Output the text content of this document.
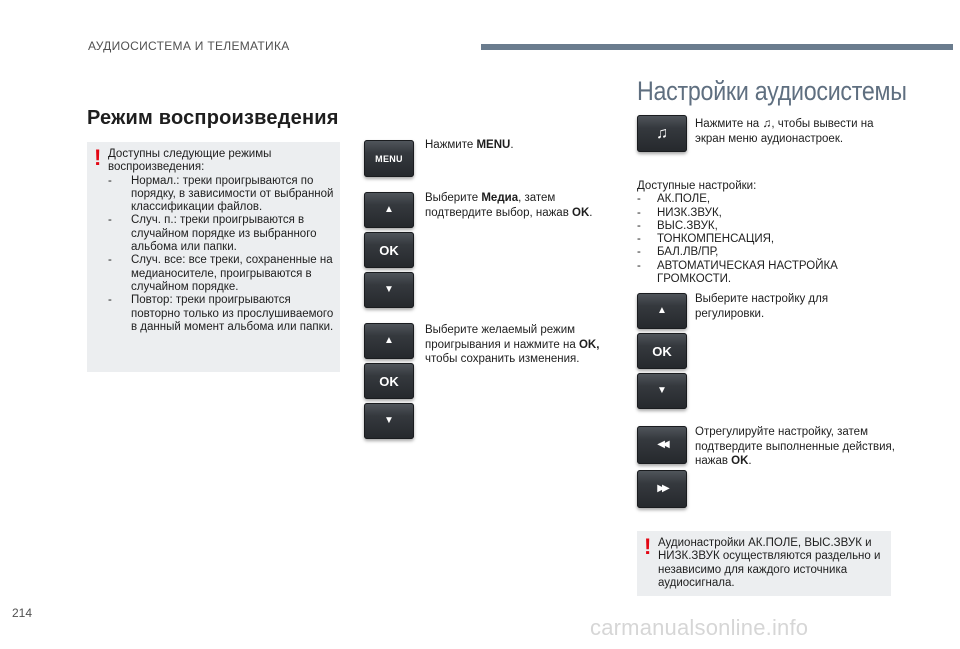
АУДИОСИСТЕМА И ТЕЛЕМАТИКА
Режим воспроизведения
! Доступны следующие режимы воспроизведения:
- Нормал.: треки проигрываются по порядку, в зависимости от выбранной классификации файлов.
- Случ. п.: треки проигрываются в случайном порядке из выбранного альбома или папки.
- Случ. все: все треки, сохраненные на медианосителе, проигрываются в случайном порядке.
- Повтор: треки проигрываются повторно только из прослушиваемого в данный момент альбома или папки.
MENU
▲
OK
▼
▲
OK
▼
Нажмите MENU.
Выберите Медиа, затем подтвердите выбор, нажав OK.
Выберите желаемый режим проигрывания и нажмите на OK, чтобы сохранить изменения.
Настройки аудиосистемы
♫
Нажмите на ♫, чтобы вывести на экран меню аудионастроек.
Доступные настройки:
- АК.ПОЛЕ,
- НИЗК.ЗВУК,
- ВЫС.ЗВУК,
- ТОНКОМПЕНСАЦИЯ,
- БАЛ.ЛВ/ПР,
- АВТОМАТИЧЕСКАЯ НАСТРОЙКА ГРОМКОСТИ.
▲
OK
▼
Выберите настройку для регулировки.
◀◀
▶▶
Отрегулируйте настройку, затем подтвердите выполненные действия, нажав OK.
! Аудионастройки АК.ПОЛЕ, ВЫС.ЗВУК и НИЗК.ЗВУК осуществляются раздельно и независимо для каждого источника аудиосигнала.
214
carmanualsonline.info
